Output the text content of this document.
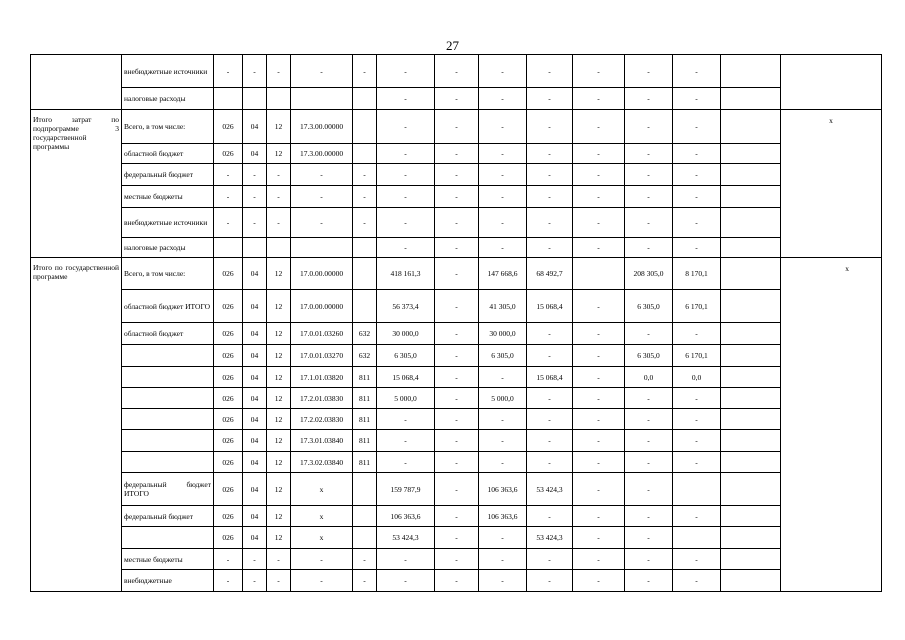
27
	внебюджетные источники	-	-	-	-	-	-	-	-	-	-	-	-		

	налоговые расходы						-	-	-	-	-	-	-		
Итого затрат по подпрограмме 3 государственной программы	Всего, в том числе:	026	04	12	17.3.00.00000		-	-	-	-	-	-	-		x

	областной бюджет	026	04	12	17.3.00.00000		-	-	-	-	-	-	-		
	федеральный бюджет	-	-	-	-	-	-	-	-	-	-	-	-		
	местные бюджеты	-	-	-	-	-	-	-	-	-	-	-	-		
	внебюджетные источники	-	-	-	-	-	-	-	-	-	-	-	-		
	налоговые расходы						-	-	-	-	-	-	-		
Итого по государственной программе	Всего, в том числе:	026	04	12	17.0.00.00000		418 161,3	-	147 668,6	68 492,7		208 305,0	8 170,1		x

	областной бюджет ИТОГО	026	04	12	17.0.00.00000		56 373,4	-	41 305,0	15 068,4	-	6 305,0	6 170,1		
	областной бюджет	026	04	12	17.0.01.03260	632	30 000,0	-	30 000,0	-	-	-	-		
		026	04	12	17.0.01.03270	632	6 305,0	-	6 305,0	-	-	6 305,0	6 170,1		
		026	04	12	17.1.01.03820	811	15 068,4	-	-	15 068,4	-	0,0	0,0		
		026	04	12	17.2.01.03830	811	5 000,0	-	5 000,0	-	-	-	-		
		026	04	12	17.2.02.03830	811	-	-	-	-	-	-	-		
		026	04	12	17.3.01.03840	811	-	-	-	-	-	-	-		
		026	04	12	17.3.02.03840	811	-	-	-	-	-	-	-		
	федеральный бюджет ИТОГО	026	04	12	x		159 787,9	-	106 363,6	53 424,3	-	-			
	федеральный бюджет	026	04	12	x		106 363,6	-	106 363,6	-	-	-	-		
		026	04	12	x		53 424,3	-	-	53 424,3	-	-			
	местные бюджеты	-	-	-	-	-	-	-	-	-	-	-	-		
	внебюджетные	-	-	-	-	-	-	-	-	-	-	-	-		
